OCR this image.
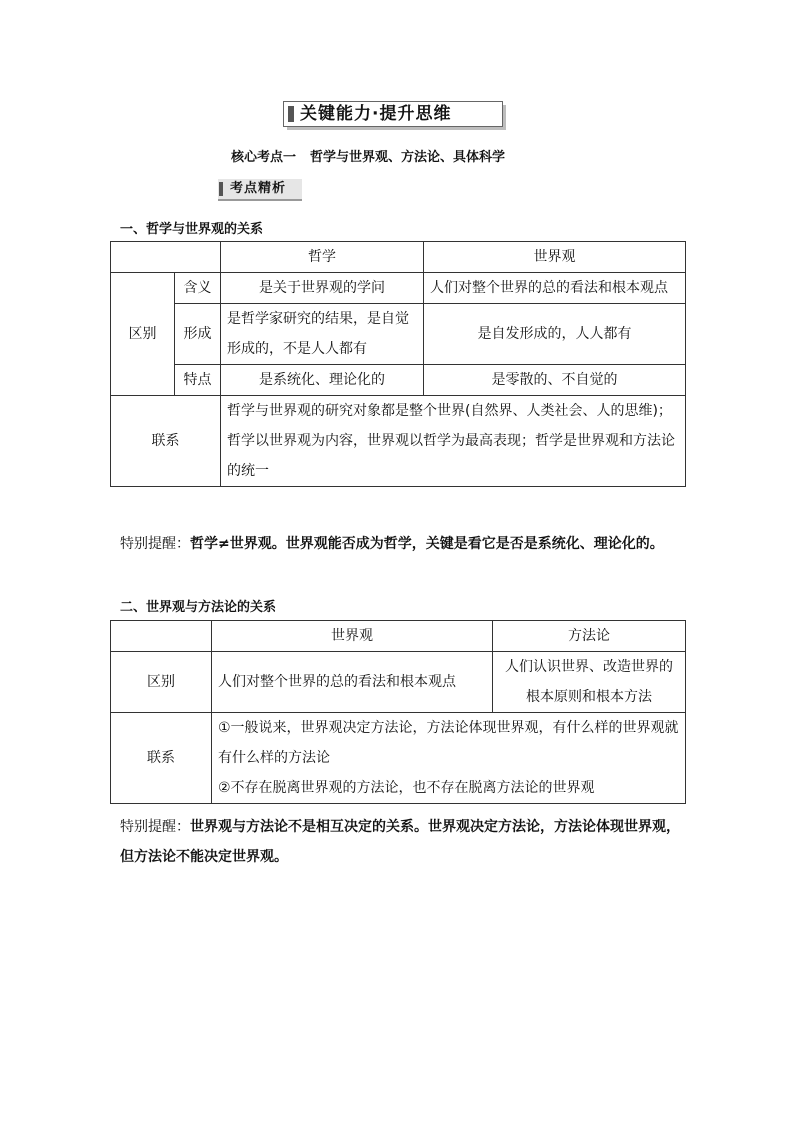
关键能力·提升思维
核心考点一 哲学与世界观、方法论、具体科学
考点精析
一、哲学与世界观的关系
		哲学	世界观
区别	含义	是关于世界观的学问	人们对整个世界的总的看法和根本观点
	形成	是哲学家研究的结果，是自觉形成的，不是人人都有	是自发形成的，人人都有
	特点	是系统化、理论化的	是零散的、不自觉的
联系		哲学与世界观的研究对象都是整个世界(自然界、人类社会、人的思维)；哲学以世界观为内容，世界观以哲学为最高表现；哲学是世界观和方法论的统一	
特别提醒：哲学≠世界观。世界观能否成为哲学，关键是看它是否是系统化、理论化的。
二、世界观与方法论的关系
	世界观	方法论
区别	人们对整个世界的总的看法和根本观点	人们认识世界、改造世界的根本原则和根本方法
联系	①一般说来，世界观决定方法论，方法论体现世界观，有什么样的世界观就有什么样的方法论
②不存在脱离世界观的方法论，也不存在脱离方法论的世界观	
特别提醒：世界观与方法论不是相互决定的关系。世界观决定方法论，方法论体现世界观，但方法论不能决定世界观。
